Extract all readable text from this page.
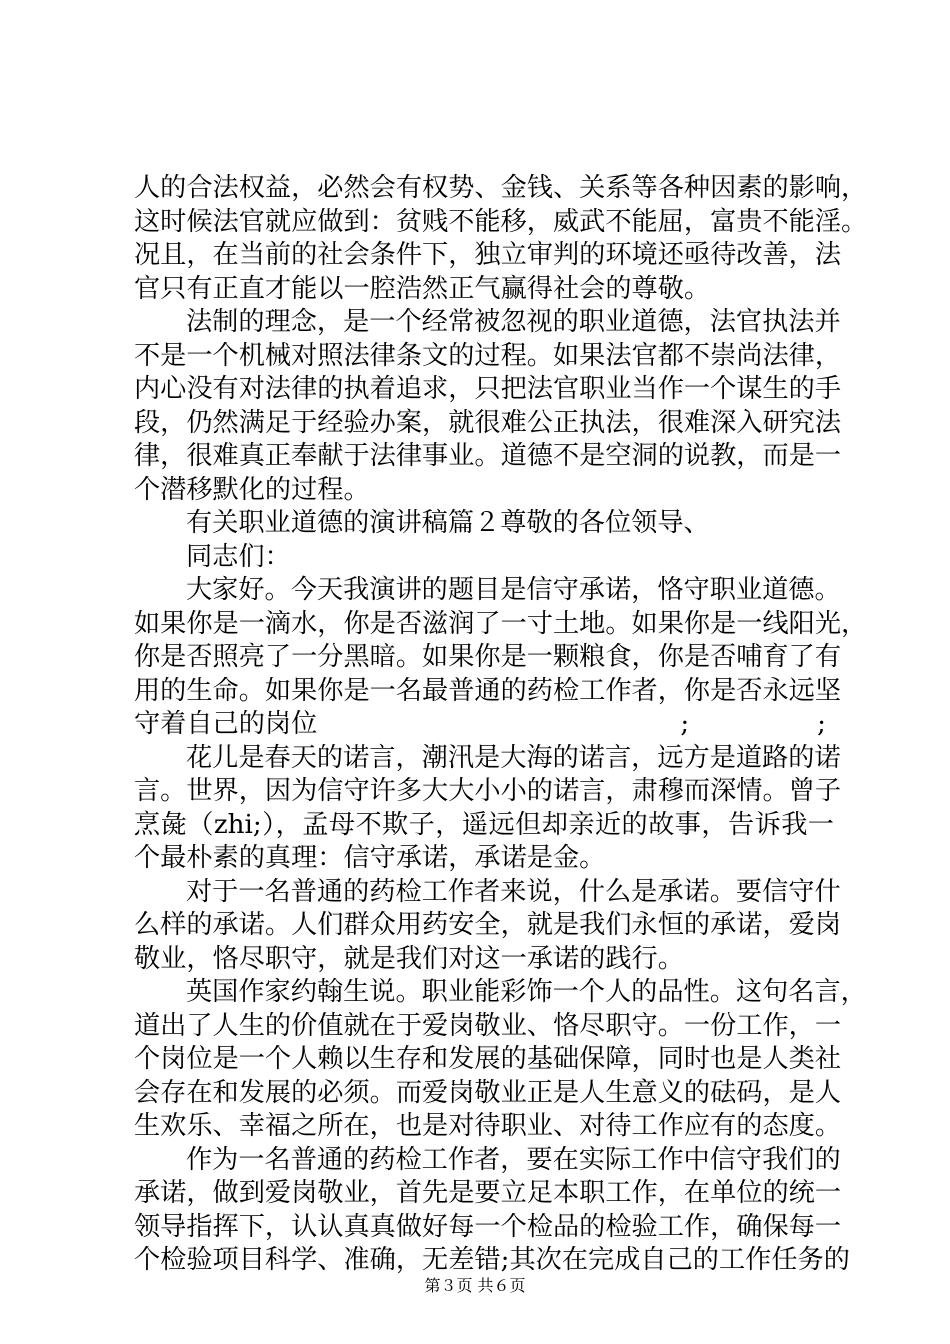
人的合法权益，必然会有权势、金钱、关系等各种因素的影响，
这时候法官就应做到：贫贱不能移，威武不能屈，富贵不能淫。
况且，在当前的社会条件下，独立审判的环境还亟待改善，法
官只有正直才能以一腔浩然正气赢得社会的尊敬。
法制的理念，是一个经常被忽视的职业道德，法官执法并
不是一个机械对照法律条文的过程。如果法官都不崇尚法律，
内心没有对法律的执着追求，只把法官职业当作一个谋生的手
段，仍然满足于经验办案，就很难公正执法，很难深入研究法
律，很难真正奉献于法律事业。道德不是空洞的说教，而是一
个潜移默化的过程。
有关职业道德的演讲稿篇２尊敬的各位领导、
同志们：
大家好。今天我演讲的题目是信守承诺，恪守职业道德。
如果你是一滴水，你是否滋润了一寸土地。如果你是一线阳光，
你是否照亮了一分黑暗。如果你是一颗粮食，你是否哺育了有
用的生命。如果你是一名最普通的药检工作者，你是否永远坚
守着自己的岗位	;	;
花儿是春天的诺言，潮汛是大海的诺言，远方是道路的诺
言。世界，因为信守许多大大小小的诺言，肃穆而深情。曾子
烹彘（zhi;），孟母不欺子，遥远但却亲近的故事，告诉我一
个最朴素的真理：信守承诺，承诺是金。
对于一名普通的药检工作者来说，什么是承诺。要信守什
么样的承诺。人们群众用药安全，就是我们永恒的承诺，爱岗
敬业，恪尽职守，就是我们对这一承诺的践行。
英国作家约翰生说。职业能彩饰一个人的品性。这句名言，
道出了人生的价值就在于爱岗敬业、恪尽职守。一份工作，一
个岗位是一个人赖以生存和发展的基础保障，同时也是人类社
会存在和发展的必须。而爱岗敬业正是人生意义的砝码，是人
生欢乐、幸福之所在，也是对待职业、对待工作应有的态度。
作为一名普通的药检工作者，要在实际工作中信守我们的
承诺，做到爱岗敬业，首先是要立足本职工作，在单位的统一
领导指挥下，认认真真做好每一个检品的检验工作，确保每一
个检验项目科学、准确，无差错;其次在完成自己的工作任务的
第３页 共６页
